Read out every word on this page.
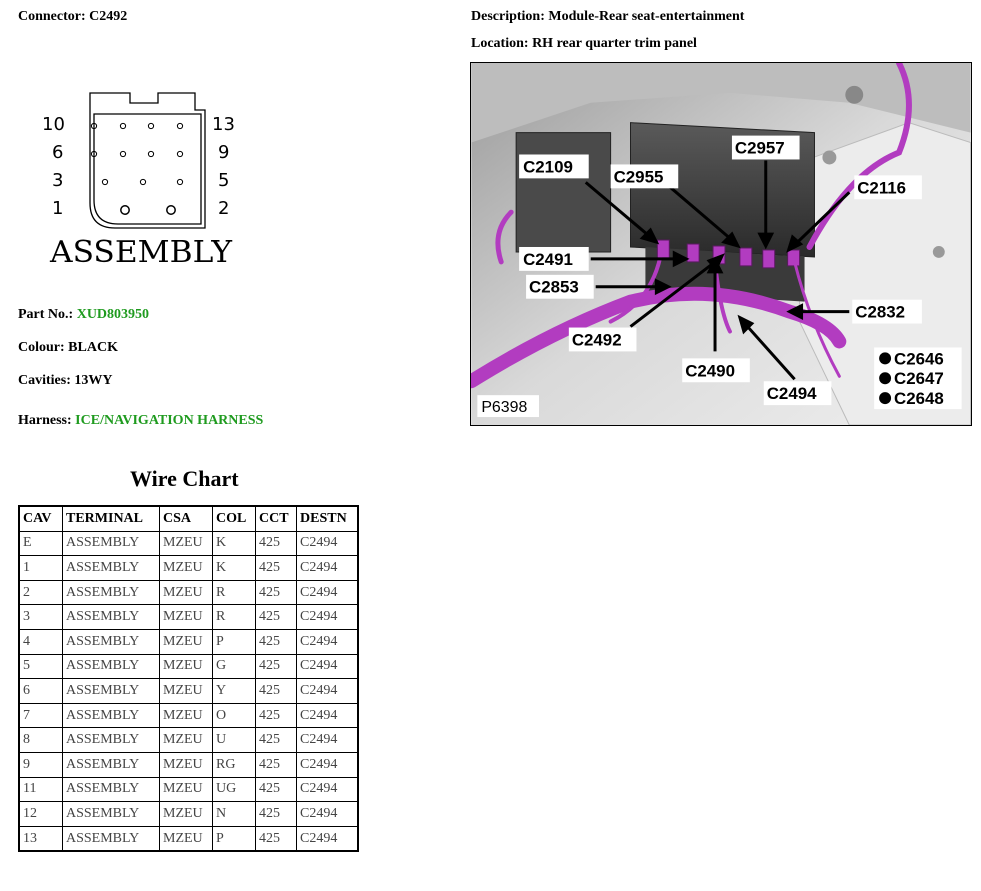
Connector: C2492	Description: Module-Rear seat-entertainment
Location: RH rear quarter trim panel
10
6
3
1
13
9
5
2
ASSEMBLY
Part No.: XUD803950
Colour: BLACK
Cavities: 13WY
Harness: ICE/NAVIGATION HARNESS
C2109
C2955
C2957
C2116
C2491
C2853
C2832
C2492
C2490
C2494
C2646
C2647
C2648
P6398
Wire Chart
CAV	TERMINAL	CSA	COL	CCT	DESTN
E	ASSEMBLY	MZEU	K	425	C2494
1	ASSEMBLY	MZEU	K	425	C2494
2	ASSEMBLY	MZEU	R	425	C2494
3	ASSEMBLY	MZEU	R	425	C2494
4	ASSEMBLY	MZEU	P	425	C2494
5	ASSEMBLY	MZEU	G	425	C2494
6	ASSEMBLY	MZEU	Y	425	C2494
7	ASSEMBLY	MZEU	O	425	C2494
8	ASSEMBLY	MZEU	U	425	C2494
9	ASSEMBLY	MZEU	RG	425	C2494
11	ASSEMBLY	MZEU	UG	425	C2494
12	ASSEMBLY	MZEU	N	425	C2494
13	ASSEMBLY	MZEU	P	425	C2494
